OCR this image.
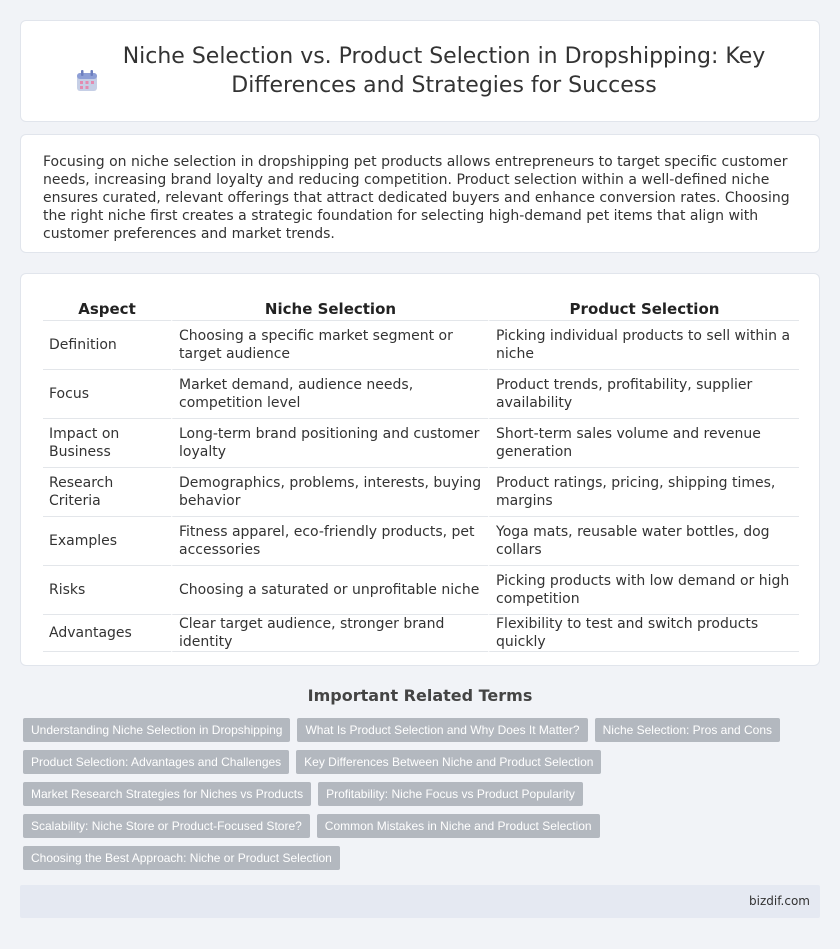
Niche Selection vs. Product Selection in Dropshipping: Key
Differences and Strategies for Success

Focusing on niche selection in dropshipping pet products allows entrepreneurs to target specific customer needs, increasing brand loyalty and reducing competition. Product selection within a well-defined niche ensures curated, relevant offerings that attract dedicated buyers and enhance conversion rates. Choosing the right niche first creates a strategic foundation for selecting high-demand pet items that align with customer preferences and market trends.

Aspect	Niche Selection	Product Selection
Definition	Choosing a specific market segment or target audience	Picking individual products to sell within a niche
Focus	Market demand, audience needs, competition level	Product trends, profitability, supplier availability
Impact on Business	Long-term brand positioning and customer loyalty	Short-term sales volume and revenue generation
Research Criteria	Demographics, problems, interests, buying behavior	Product ratings, pricing, shipping times, margins
Examples	Fitness apparel, eco-friendly products, pet accessories	Yoga mats, reusable water bottles, dog collars
Risks	Choosing a saturated or unprofitable niche	Picking products with low demand or high competition
Advantages	Clear target audience, stronger brand identity	Flexibility to test and switch products quickly
Important Related Terms
Understanding Niche Selection in Dropshipping	What Is Product Selection and Why Does It Matter?	Niche Selection: Pros and Cons
Product Selection: Advantages and Challenges	Key Differences Between Niche and Product Selection
Market Research Strategies for Niches vs Products	Profitability: Niche Focus vs Product Popularity
Scalability: Niche Store or Product-Focused Store?	Common Mistakes in Niche and Product Selection
Choosing the Best Approach: Niche or Product Selection
bizdif.com
